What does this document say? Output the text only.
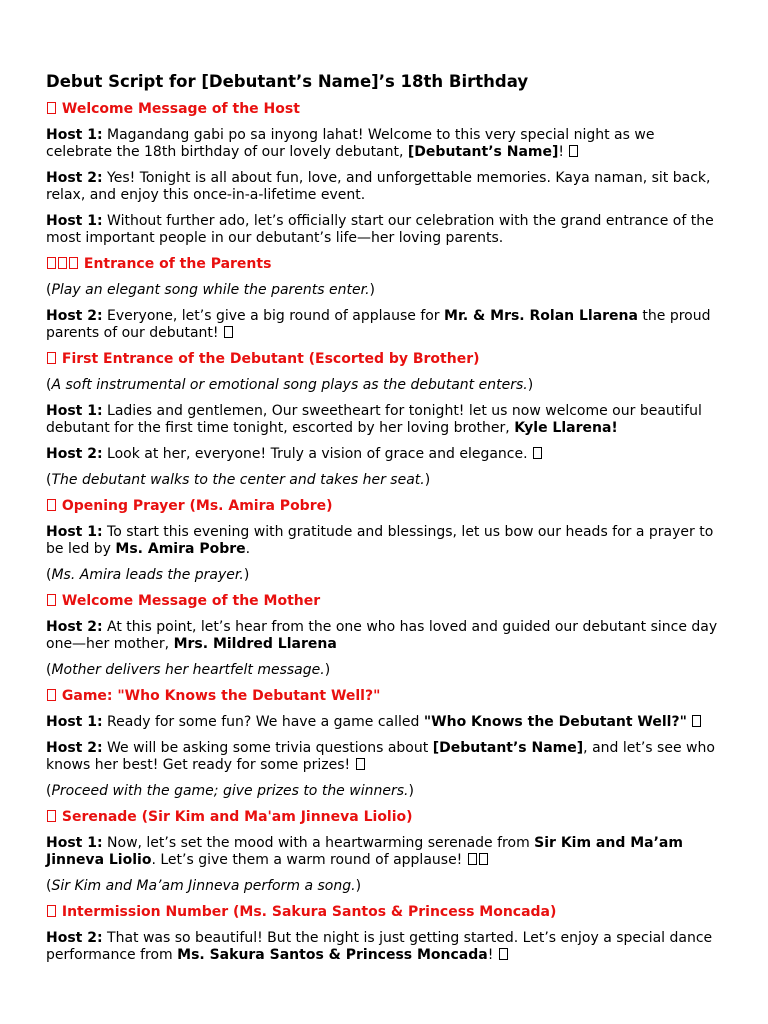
Debut Script for [Debutant’s Name]’s 18th Birthday
Welcome Message of the Host
Host 1: Magandang gabi po sa inyong lahat! Welcome to this very special night as we celebrate the 18th birthday of our lovely debutant, [Debutant’s Name]!
Host 2: Yes! Tonight is all about fun, love, and unforgettable memories. Kaya naman, sit back, relax, and enjoy this once-in-a-lifetime event.
Host 1: Without further ado, let’s officially start our celebration with the grand entrance of the most important people in our debutant’s life—her loving parents.
Entrance of the Parents
(Play an elegant song while the parents enter.)
Host 2: Everyone, let’s give a big round of applause for Mr. & Mrs. Rolan Llarena the proud parents of our debutant!
First Entrance of the Debutant (Escorted by Brother)
(A soft instrumental or emotional song plays as the debutant enters.)
Host 1: Ladies and gentlemen, Our sweetheart for tonight! let us now welcome our beautiful debutant for the first time tonight, escorted by her loving brother, Kyle Llarena!
Host 2: Look at her, everyone! Truly a vision of grace and elegance.
(The debutant walks to the center and takes her seat.)
Opening Prayer (Ms. Amira Pobre)
Host 1: To start this evening with gratitude and blessings, let us bow our heads for a prayer to be led by Ms. Amira Pobre.
(Ms. Amira leads the prayer.)
Welcome Message of the Mother
Host 2: At this point, let’s hear from the one who has loved and guided our debutant since day one—her mother, Mrs. Mildred Llarena
(Mother delivers her heartfelt message.)
Game: "Who Knows the Debutant Well?"
Host 1: Ready for some fun? We have a game called "Who Knows the Debutant Well?"
Host 2: We will be asking some trivia questions about [Debutant’s Name], and let’s see who knows her best! Get ready for some prizes!
(Proceed with the game; give prizes to the winners.)
Serenade (Sir Kim and Ma'am Jinneva Liolio)
Host 1: Now, let’s set the mood with a heartwarming serenade from Sir Kim and Ma’am Jinneva Liolio. Let’s give them a warm round of applause!
(Sir Kim and Ma’am Jinneva perform a song.)
Intermission Number (Ms. Sakura Santos & Princess Moncada)
Host 2: That was so beautiful! But the night is just getting started. Let’s enjoy a special dance performance from Ms. Sakura Santos & Princess Moncada!
